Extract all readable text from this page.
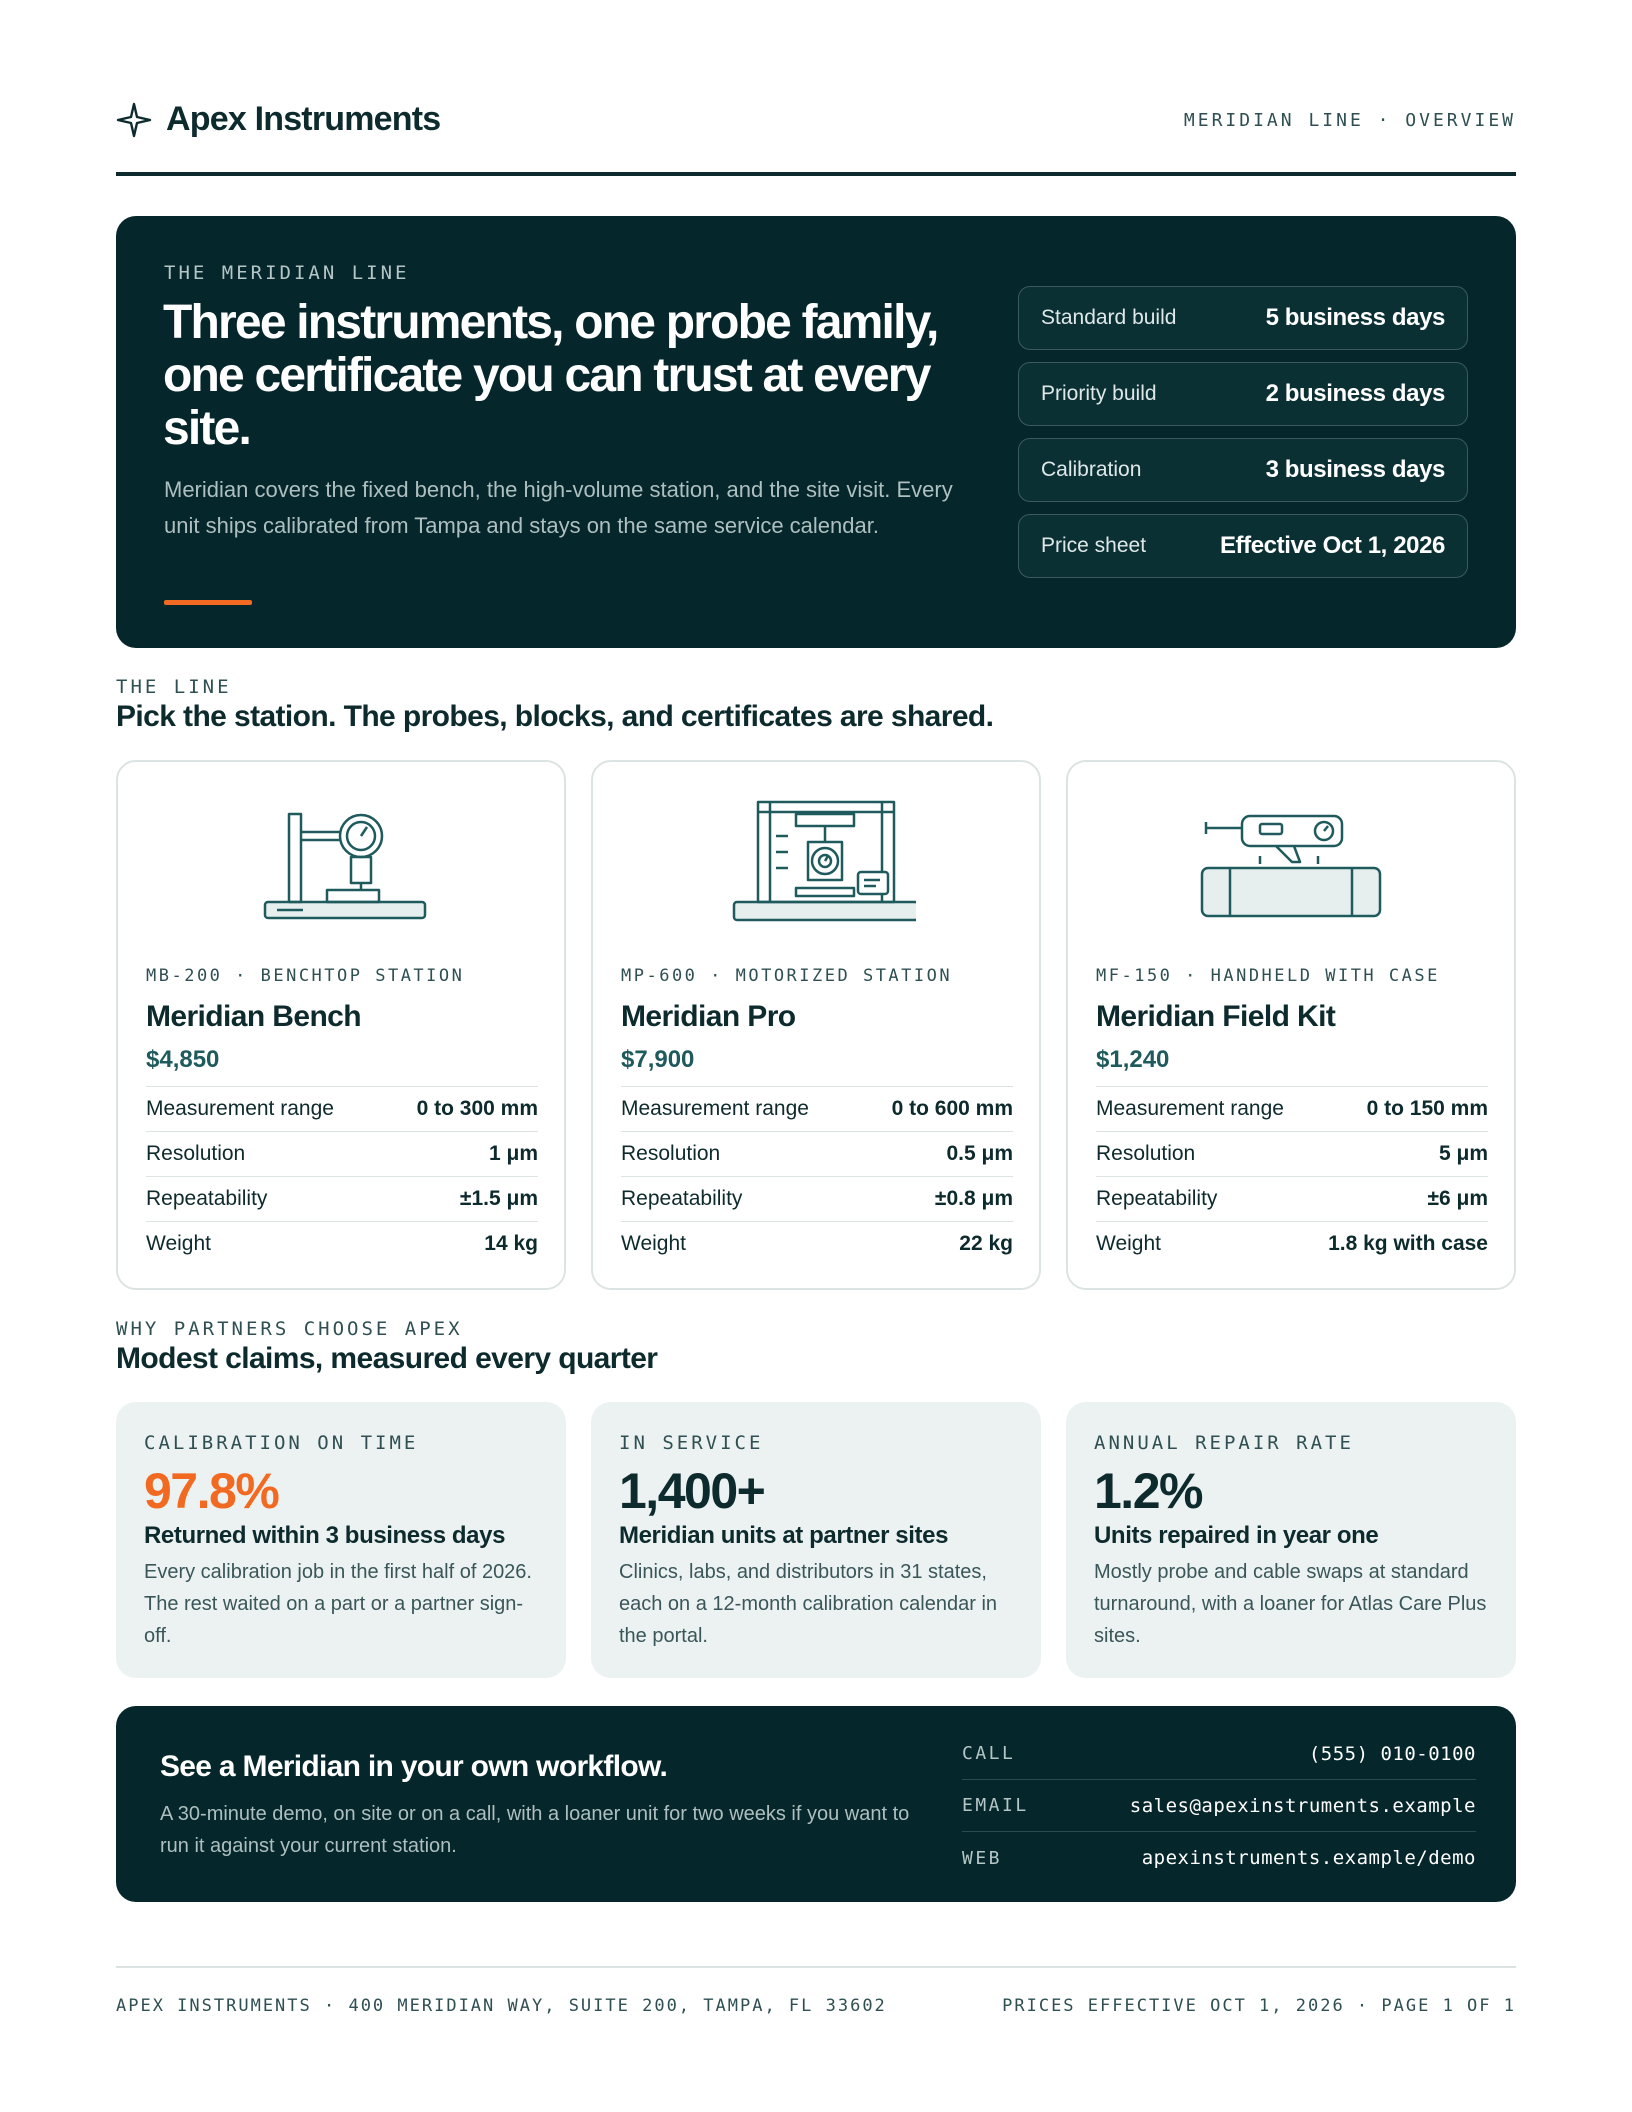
Apex Instruments	MERIDIAN LINE · OVERVIEW
THE MERIDIAN LINE
Three instruments, one probe family, one certificate you can trust at every site.
Meridian covers the fixed bench, the high-volume station, and the site visit. Every unit ships calibrated from Tampa and stays on the same service calendar.
Standard build	5 business days
Priority build	2 business days
Calibration	3 business days
Price sheet	Effective Oct 1, 2026
THE LINE
Pick the station. The probes, blocks, and certificates are shared.
MB-200 · BENCHTOP STATION
Meridian Bench
$4,850
Measurement range	0 to 300 mm
Resolution	1 μm
Repeatability	±1.5 μm
Weight	14 kg
MP-600 · MOTORIZED STATION
Meridian Pro
$7,900
Measurement range	0 to 600 mm
Resolution	0.5 μm
Repeatability	±0.8 μm
Weight	22 kg
MF-150 · HANDHELD WITH CASE
Meridian Field Kit
$1,240
Measurement range	0 to 150 mm
Resolution	5 μm
Repeatability	±6 μm
Weight	1.8 kg with case
WHY PARTNERS CHOOSE APEX
Modest claims, measured every quarter
CALIBRATION ON TIME
97.8%
Returned within 3 business days
Every calibration job in the first half of 2026. The rest waited on a part or a partner sign-off.
IN SERVICE
1,400+
Meridian units at partner sites
Clinics, labs, and distributors in 31 states, each on a 12-month calibration calendar in the portal.
ANNUAL REPAIR RATE
1.2%
Units repaired in year one
Mostly probe and cable swaps at standard turnaround, with a loaner for Atlas Care Plus sites.
See a Meridian in your own workflow.
A 30-minute demo, on site or on a call, with a loaner unit for two weeks if you want to run it against your current station.
CALL	(555) 010-0100
EMAIL	sales@apexinstruments.example
WEB	apexinstruments.example/demo
APEX INSTRUMENTS · 400 MERIDIAN WAY, SUITE 200, TAMPA, FL 33602	PRICES EFFECTIVE OCT 1, 2026 · PAGE 1 OF 1
